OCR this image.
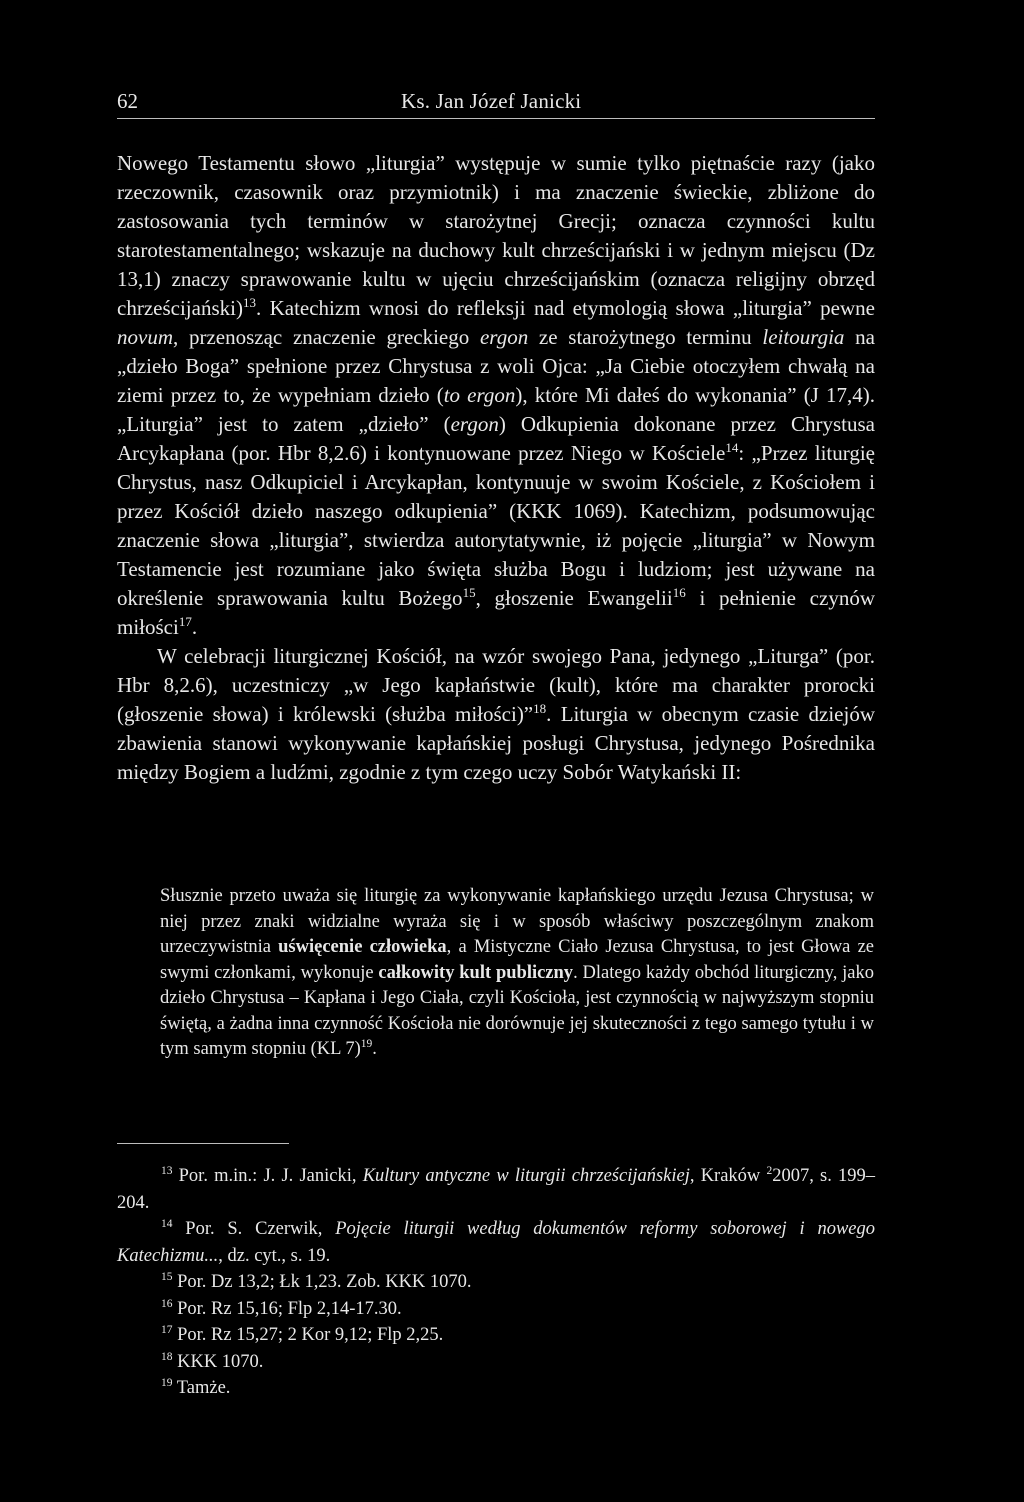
62	Ks. Jan Józef Janicki

Nowego Testamentu słowo „liturgia” występuje w sumie tylko piętnaście razy (jako rzeczownik, czasownik oraz przymiotnik) i ma znaczenie świeckie, zbliżone do zastosowania tych terminów w starożytnej Grecji; oznacza czynności kultu starotestamentalnego; wskazuje na duchowy kult chrześcijański i w jednym miejscu (Dz 13,1) znaczy sprawowanie kultu w ujęciu chrześcijańskim (oznacza religijny obrzęd chrześcijański)$^{13}$. Katechizm wnosi do refleksji nad etymologią słowa „liturgia” pewne novum, przenosząc znaczenie greckiego ergon ze starożytnego terminu leitourgia na „dzieło Boga” spełnione przez Chrystusa z woli Ojca: „Ja Ciebie otoczyłem chwałą na ziemi przez to, że wypełniam dzieło (to ergon), które Mi dałeś do wykonania” (J 17,4). „Liturgia” jest to zatem „dzieło” (ergon) Odkupienia dokonane przez Chrystusa Arcykapłana (por. Hbr 8,2.6) i kontynuowane przez Niego w Kościele$^{14}$: „Przez liturgię Chrystus, nasz Odkupiciel i Arcykapłan, kontynuuje w swoim Kościele, z Kościołem i przez Kościół dzieło naszego odkupienia” (KKK 1069). Katechizm, podsumowując znaczenie słowa „liturgia”, stwierdza autorytatywnie, iż pojęcie „liturgia” w Nowym Testamencie jest rozumiane jako święta służba Bogu i ludziom; jest używane na określenie sprawowania kultu Bożego$^{15}$, głoszenie Ewangelii$^{16}$ i pełnienie czynów miłości$^{17}$.

W celebracji liturgicznej Kościół, na wzór swojego Pana, jedynego „Liturga” (por. Hbr 8,2.6), uczestniczy „w Jego kapłaństwie (kult), które ma charakter prorocki (głoszenie słowa) i królewski (służba miłości)”$^{18}$. Liturgia w obecnym czasie dziejów zbawienia stanowi wykonywanie kapłańskiej posługi Chrystusa, jedynego Pośrednika między Bogiem a ludźmi, zgodnie z tym czego uczy Sobór Watykański II:

Słusznie przeto uważa się liturgię za wykonywanie kapłańskiego urzędu Jezusa Chrystusa; w niej przez znaki widzialne wyraża się i w sposób właściwy poszczególnym znakom urzeczywistnia uświęcenie człowieka, a Mistyczne Ciało Jezusa Chrystusa, to jest Głowa ze swymi członkami, wykonuje całkowity kult publiczny. Dlatego każdy obchód liturgiczny, jako dzieło Chrystusa – Kapłana i Jego Ciała, czyli Kościoła, jest czynnością w najwyższym stopniu świętą, a żadna inna czynność Kościoła nie dorównuje jej skuteczności z tego samego tytułu i w tym samym stopniu (KL 7)$^{19}$.

$^{13}$ Por. m.in.: J. J. Janicki, Kultury antyczne w liturgii chrześcijańskiej, Kraków $^2$2007, s. 199–204.

$^{14}$ Por. S. Czerwik, Pojęcie liturgii według dokumentów reformy soborowej i nowego Katechizmu..., dz. cyt., s. 19.

$^{15}$ Por. Dz 13,2; Łk 1,23. Zob. KKK 1070.

$^{16}$ Por. Rz 15,16; Flp 2,14-17.30.

$^{17}$ Por. Rz 15,27; 2 Kor 9,12; Flp 2,25.

$^{18}$ KKK 1070.

$^{19}$ Tamże.
